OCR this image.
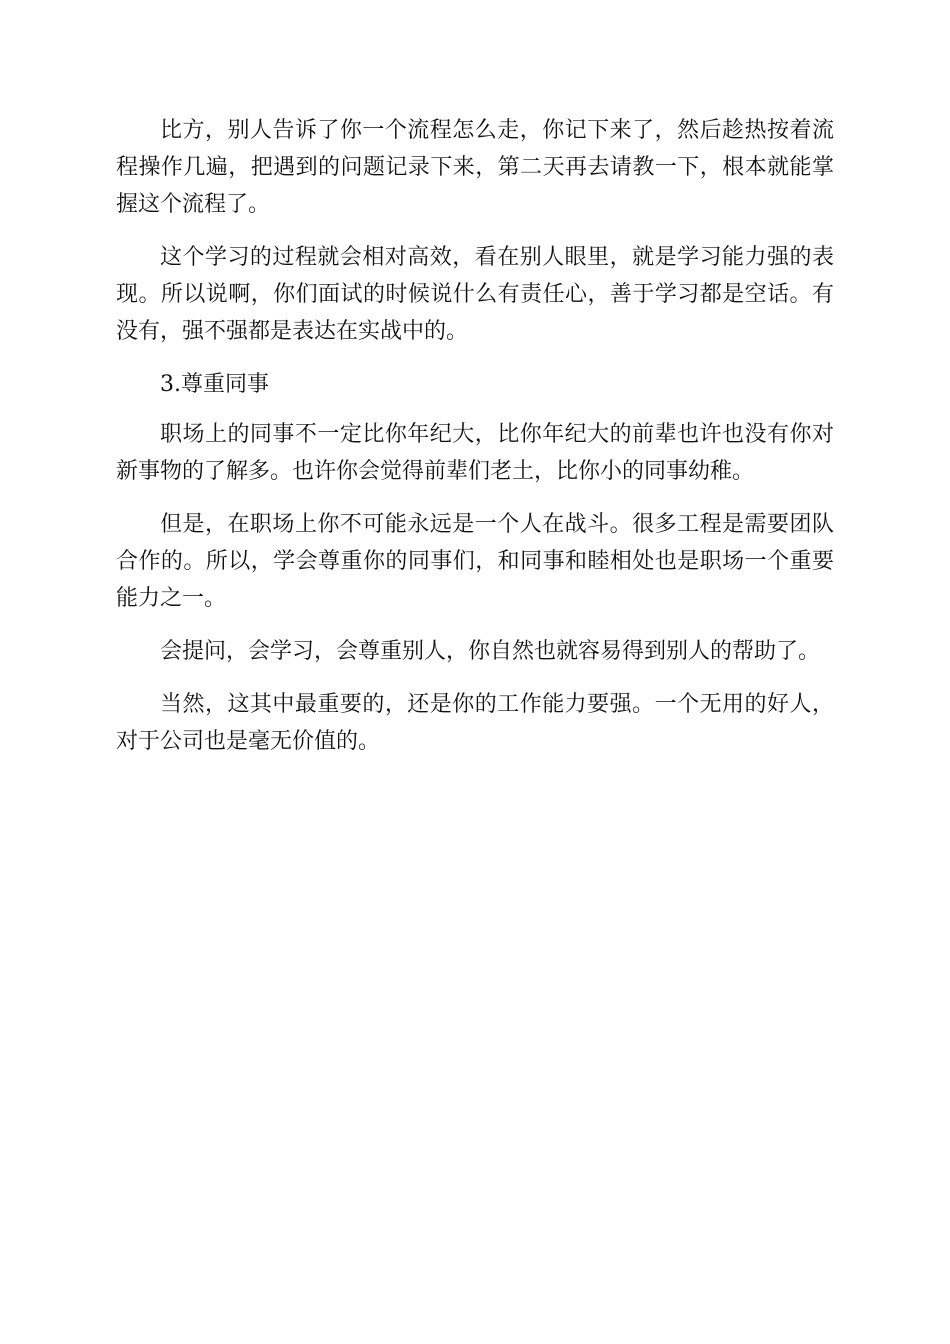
比方，别人告诉了你一个流程怎么走，你记下来了，然后趁热按着流程操作几遍，把遇到的问题记录下来，第二天再去请教一下，根本就能掌握这个流程了。

这个学习的过程就会相对高效，看在别人眼里，就是学习能力强的表现。所以说啊，你们面试的时候说什么有责任心，善于学习都是空话。有没有，强不强都是表达在实战中的。

3.尊重同事

职场上的同事不一定比你年纪大，比你年纪大的前辈也许也没有你对新事物的了解多。也许你会觉得前辈们老土，比你小的同事幼稚。

但是，在职场上你不可能永远是一个人在战斗。很多工程是需要团队合作的。所以，学会尊重你的同事们，和同事和睦相处也是职场一个重要能力之一。

会提问，会学习，会尊重别人，你自然也就容易得到别人的帮助了。

当然，这其中最重要的，还是你的工作能力要强。一个无用的好人，对于公司也是毫无价值的。
